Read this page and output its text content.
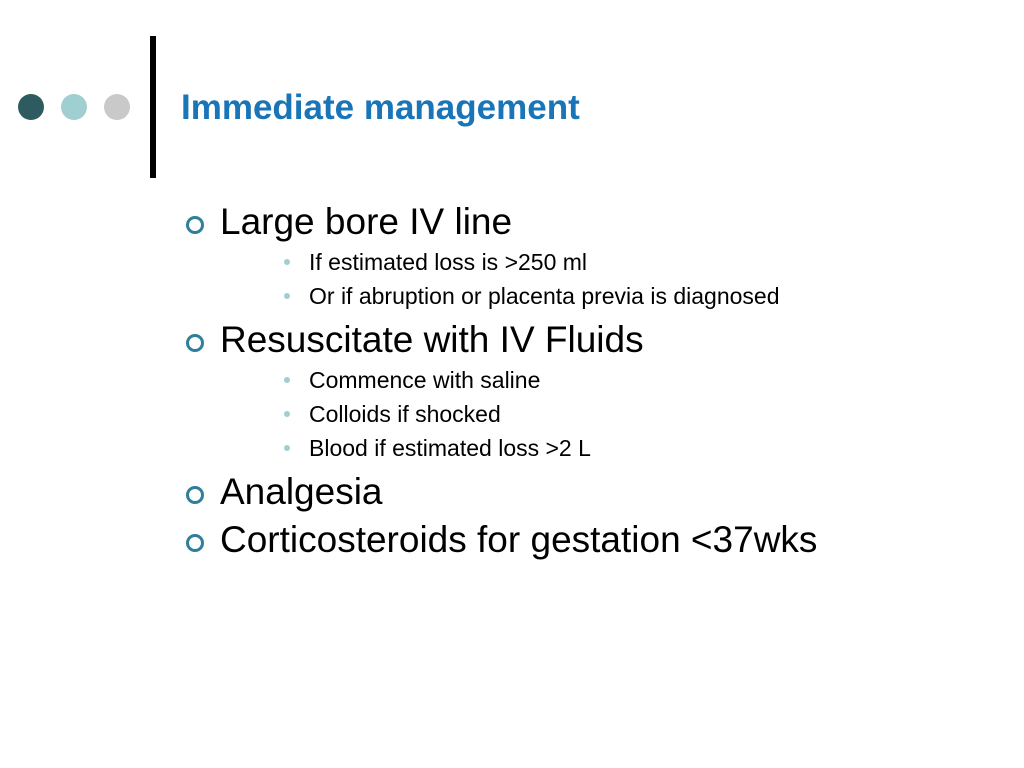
Immediate management
Large bore IV line
If estimated loss is >250 ml
Or if abruption or placenta previa is diagnosed
Resuscitate with IV Fluids
Commence with saline
Colloids if shocked
Blood if estimated loss >2 L
Analgesia
Corticosteroids for gestation <37wks
